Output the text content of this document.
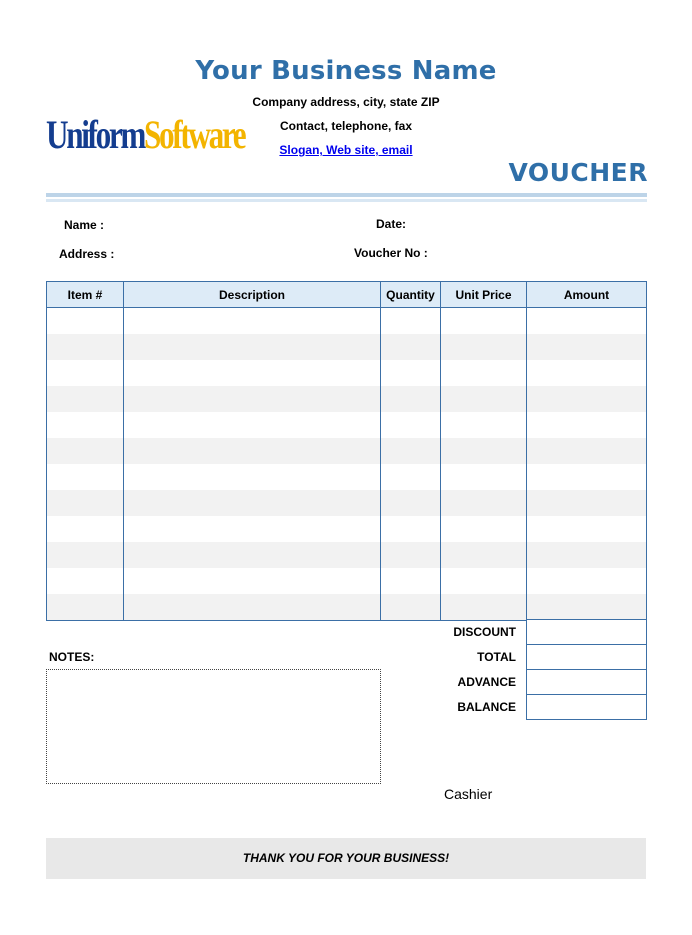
Your Business Name
Company address, city, state ZIP
Contact, telephone, fax
Slogan, Web site, email
UniformSoftware
VOUCHER
Name :
Address :
Date:
Voucher No :
Item #	Description	Quantity	Unit Price	Amount

DISCOUNT
TOTAL
ADVANCE
BALANCE
NOTES:
Cashier
THANK YOU FOR YOUR BUSINESS!
